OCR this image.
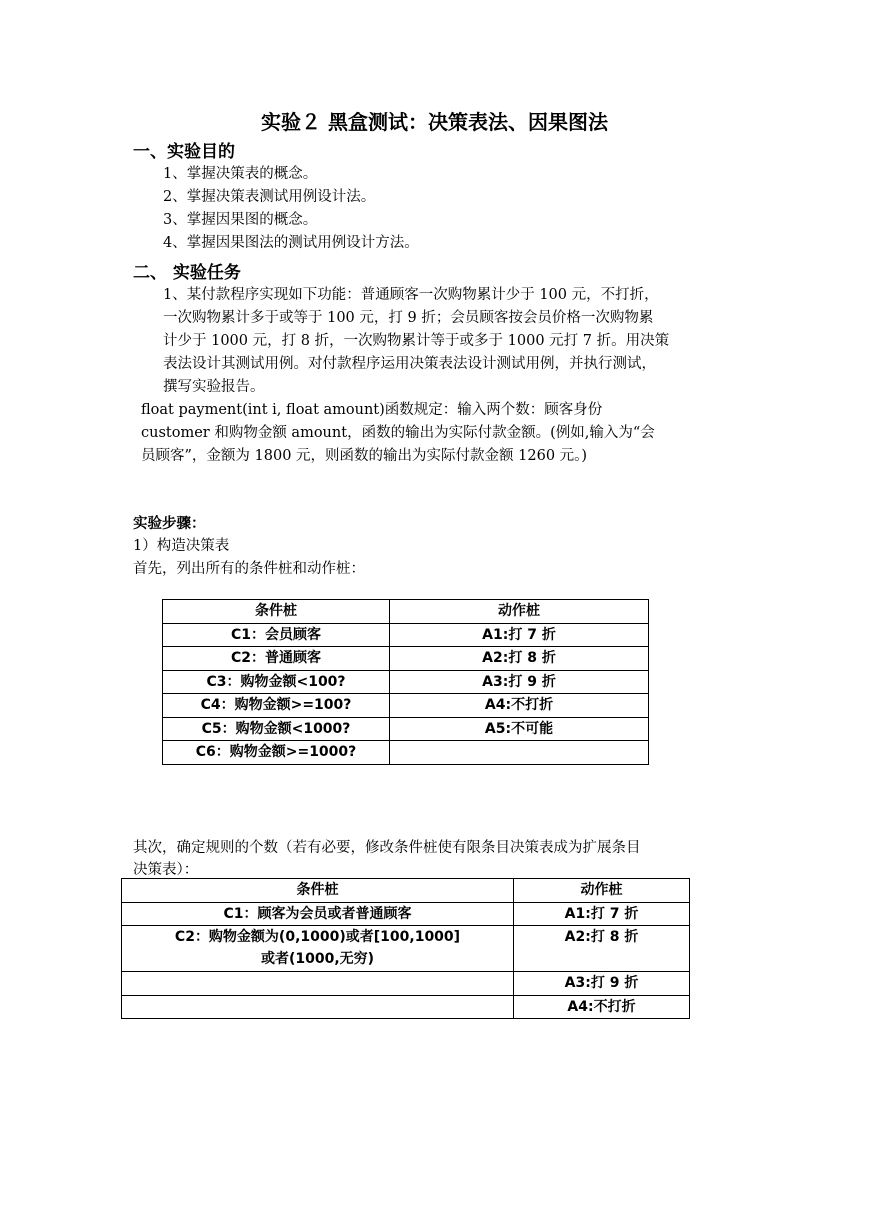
实验２ 黑盒测试：决策表法、因果图法
一、实验目的
1、掌握决策表的概念。
2、掌握决策表测试用例设计法。
3、掌握因果图的概念。
4、掌握因果图法的测试用例设计方法。
二、 实验任务
1、某付款程序实现如下功能：普通顾客一次购物累计少于 100 元，不打折，
一次购物累计多于或等于 100 元，打 9 折；会员顾客按会员价格一次购物累
计少于 1000 元，打 8 折，一次购物累计等于或多于 1000 元打 7 折。用决策
表法设计其测试用例。对付款程序运用决策表法设计测试用例，并执行测试，
撰写实验报告。
float payment(int i, float amount)函数规定：输入两个数：顾客身份
customer 和购物金额 amount，函数的输出为实际付款金额。(例如,输入为“会
员顾客”，金额为 1800 元，则函数的输出为实际付款金额 1260 元。)
实验步骤：
1）构造决策表
首先，列出所有的条件桩和动作桩：
条件桩	动作桩
C1：会员顾客	A1:打 7 折
C2：普通顾客	A2:打 8 折
C3：购物金额<100?	A3:打 9 折
C4：购物金额>=100?	A4:不打折
C5：购物金额<1000?	A5:不可能
C6：购物金额>=1000?	
其次，确定规则的个数（若有必要，修改条件桩使有限条目决策表成为扩展条目
决策表）：
条件桩	动作桩
C1：顾客为会员或者普通顾客	A1:打 7 折

C2：购物金额为(0,1000)或者[100,1000]
或者(1000,无穷)	A2:打 8 折
	A3:打 9 折
	A4:不打折
